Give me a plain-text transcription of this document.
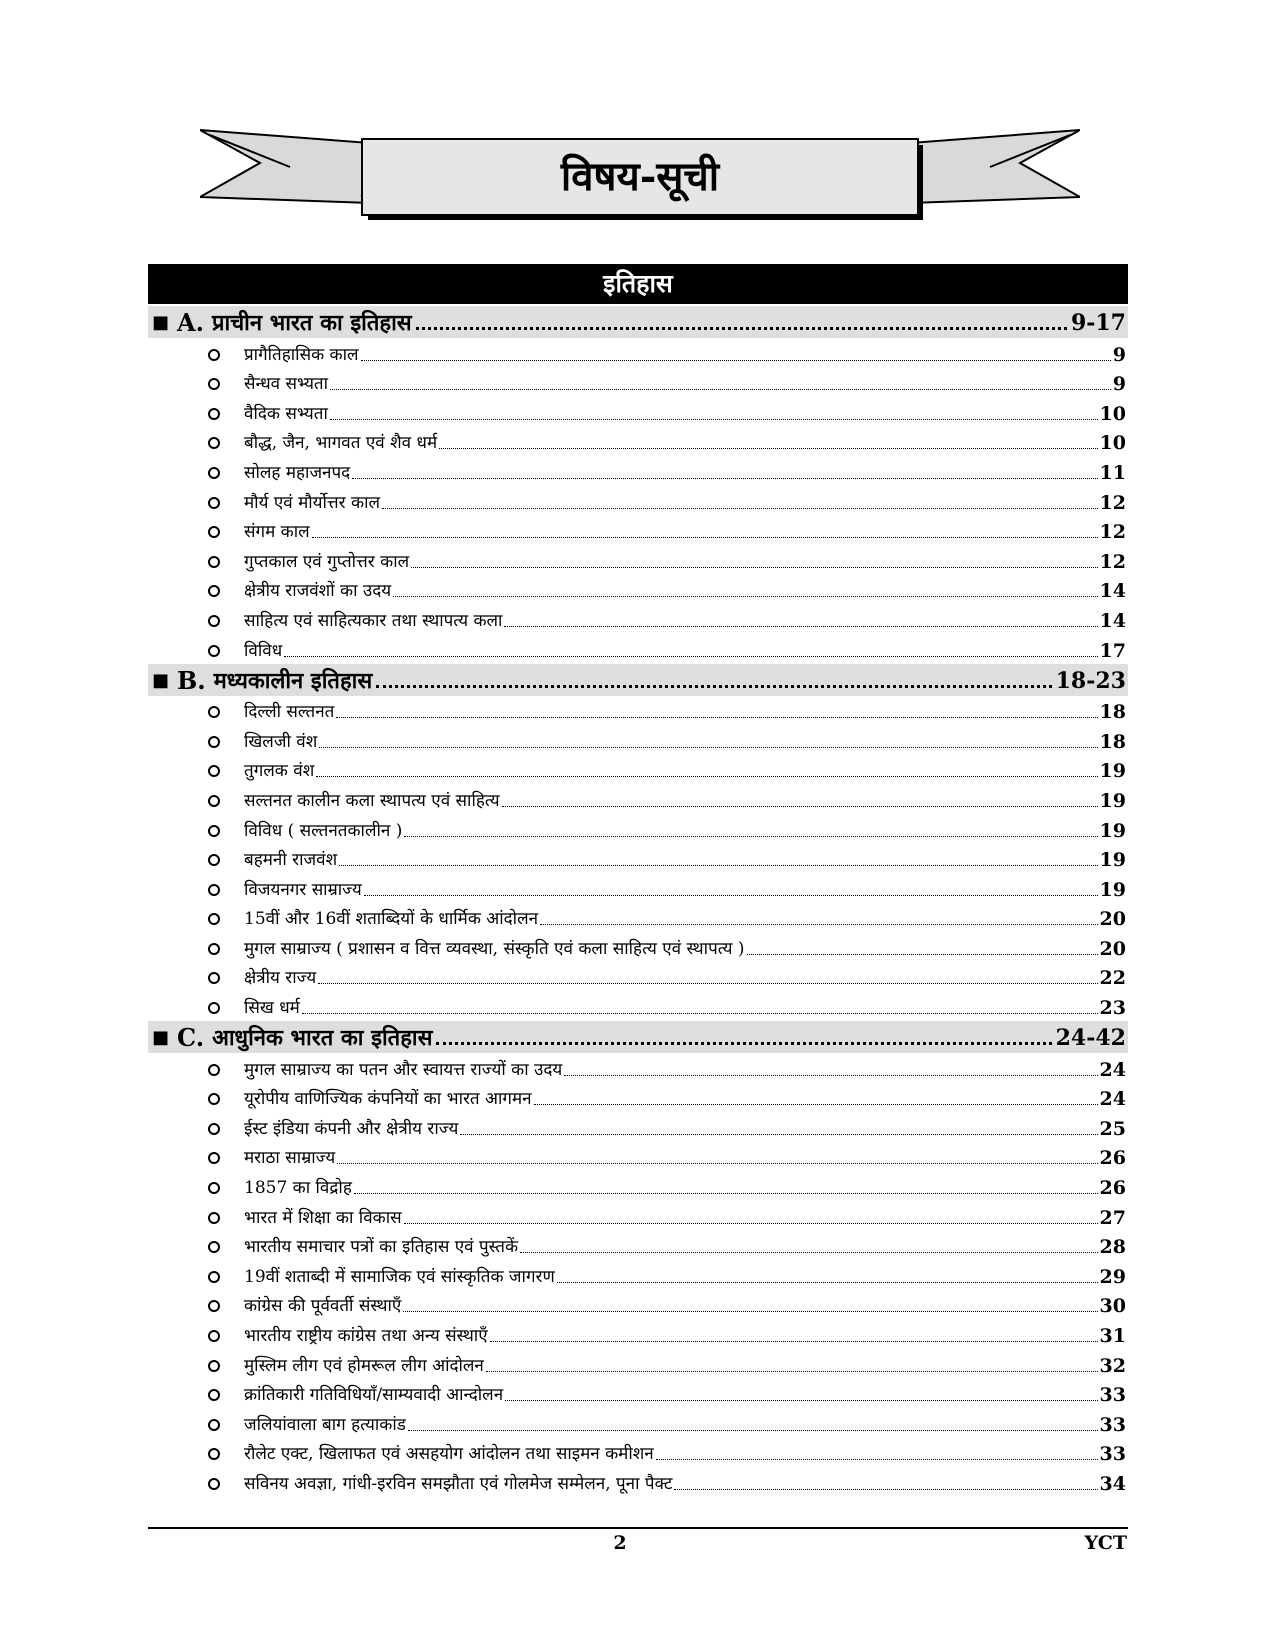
विषय-सूची
इतिहास
■ A. प्राचीन भारत का इतिहास	9-17
प्रागैतिहासिक काल	9
सैन्धव सभ्यता	9
वैदिक सभ्यता	10
बौद्ध, जैन, भागवत एवं शैव धर्म	10
सोलह महाजनपद	11
मौर्य एवं मौर्योत्तर काल	12
संगम काल	12
गुप्तकाल एवं गुप्तोत्तर काल	12
क्षेत्रीय राजवंशों का उदय	14
साहित्य एवं साहित्यकार तथा स्थापत्य कला	14
विविध	17
■ B. मध्यकालीन इतिहास	18-23
दिल्ली सल्तनत	18
खिलजी वंश	18
तुगलक वंश	19
सल्तनत कालीन कला स्थापत्य एवं साहित्य	19
विविध ( सल्तनतकालीन )	19
बहमनी राजवंश	19
विजयनगर साम्राज्य	19
15वीं और 16वीं शताब्दियों के धार्मिक आंदोलन	20
मुगल साम्राज्य ( प्रशासन व वित्त व्यवस्था, संस्कृति एवं कला साहित्य एवं स्थापत्य )	20
क्षेत्रीय राज्य	22
सिख धर्म	23
■ C. आधुनिक भारत का इतिहास	24-42
मुगल साम्राज्य का पतन और स्वायत्त राज्यों का उदय	24
यूरोपीय वाणिज्यिक कंपनियों का भारत आगमन	24
ईस्ट इंडिया कंपनी और क्षेत्रीय राज्य	25
मराठा साम्राज्य	26
1857 का विद्रोह	26
भारत में शिक्षा का विकास	27
भारतीय समाचार पत्रों का इतिहास एवं पुस्तकें	28
19वीं शताब्दी में सामाजिक एवं सांस्कृतिक जागरण	29
कांग्रेस की पूर्ववर्ती संस्थाएँ	30
भारतीय राष्ट्रीय कांग्रेस तथा अन्य संस्थाएँ	31
मुस्लिम लीग एवं होमरूल लीग आंदोलन	32
क्रांतिकारी गतिविधियाँ/साम्यवादी आन्दोलन	33
जलियांवाला बाग हत्याकांड	33
रौलेट एक्ट, खिलाफत एवं असहयोग आंदोलन तथा साइमन कमीशन	33
सविनय अवज्ञा, गांधी-इरविन समझौता एवं गोलमेज सम्मेलन, पूना पैक्ट	34
2	YCT
